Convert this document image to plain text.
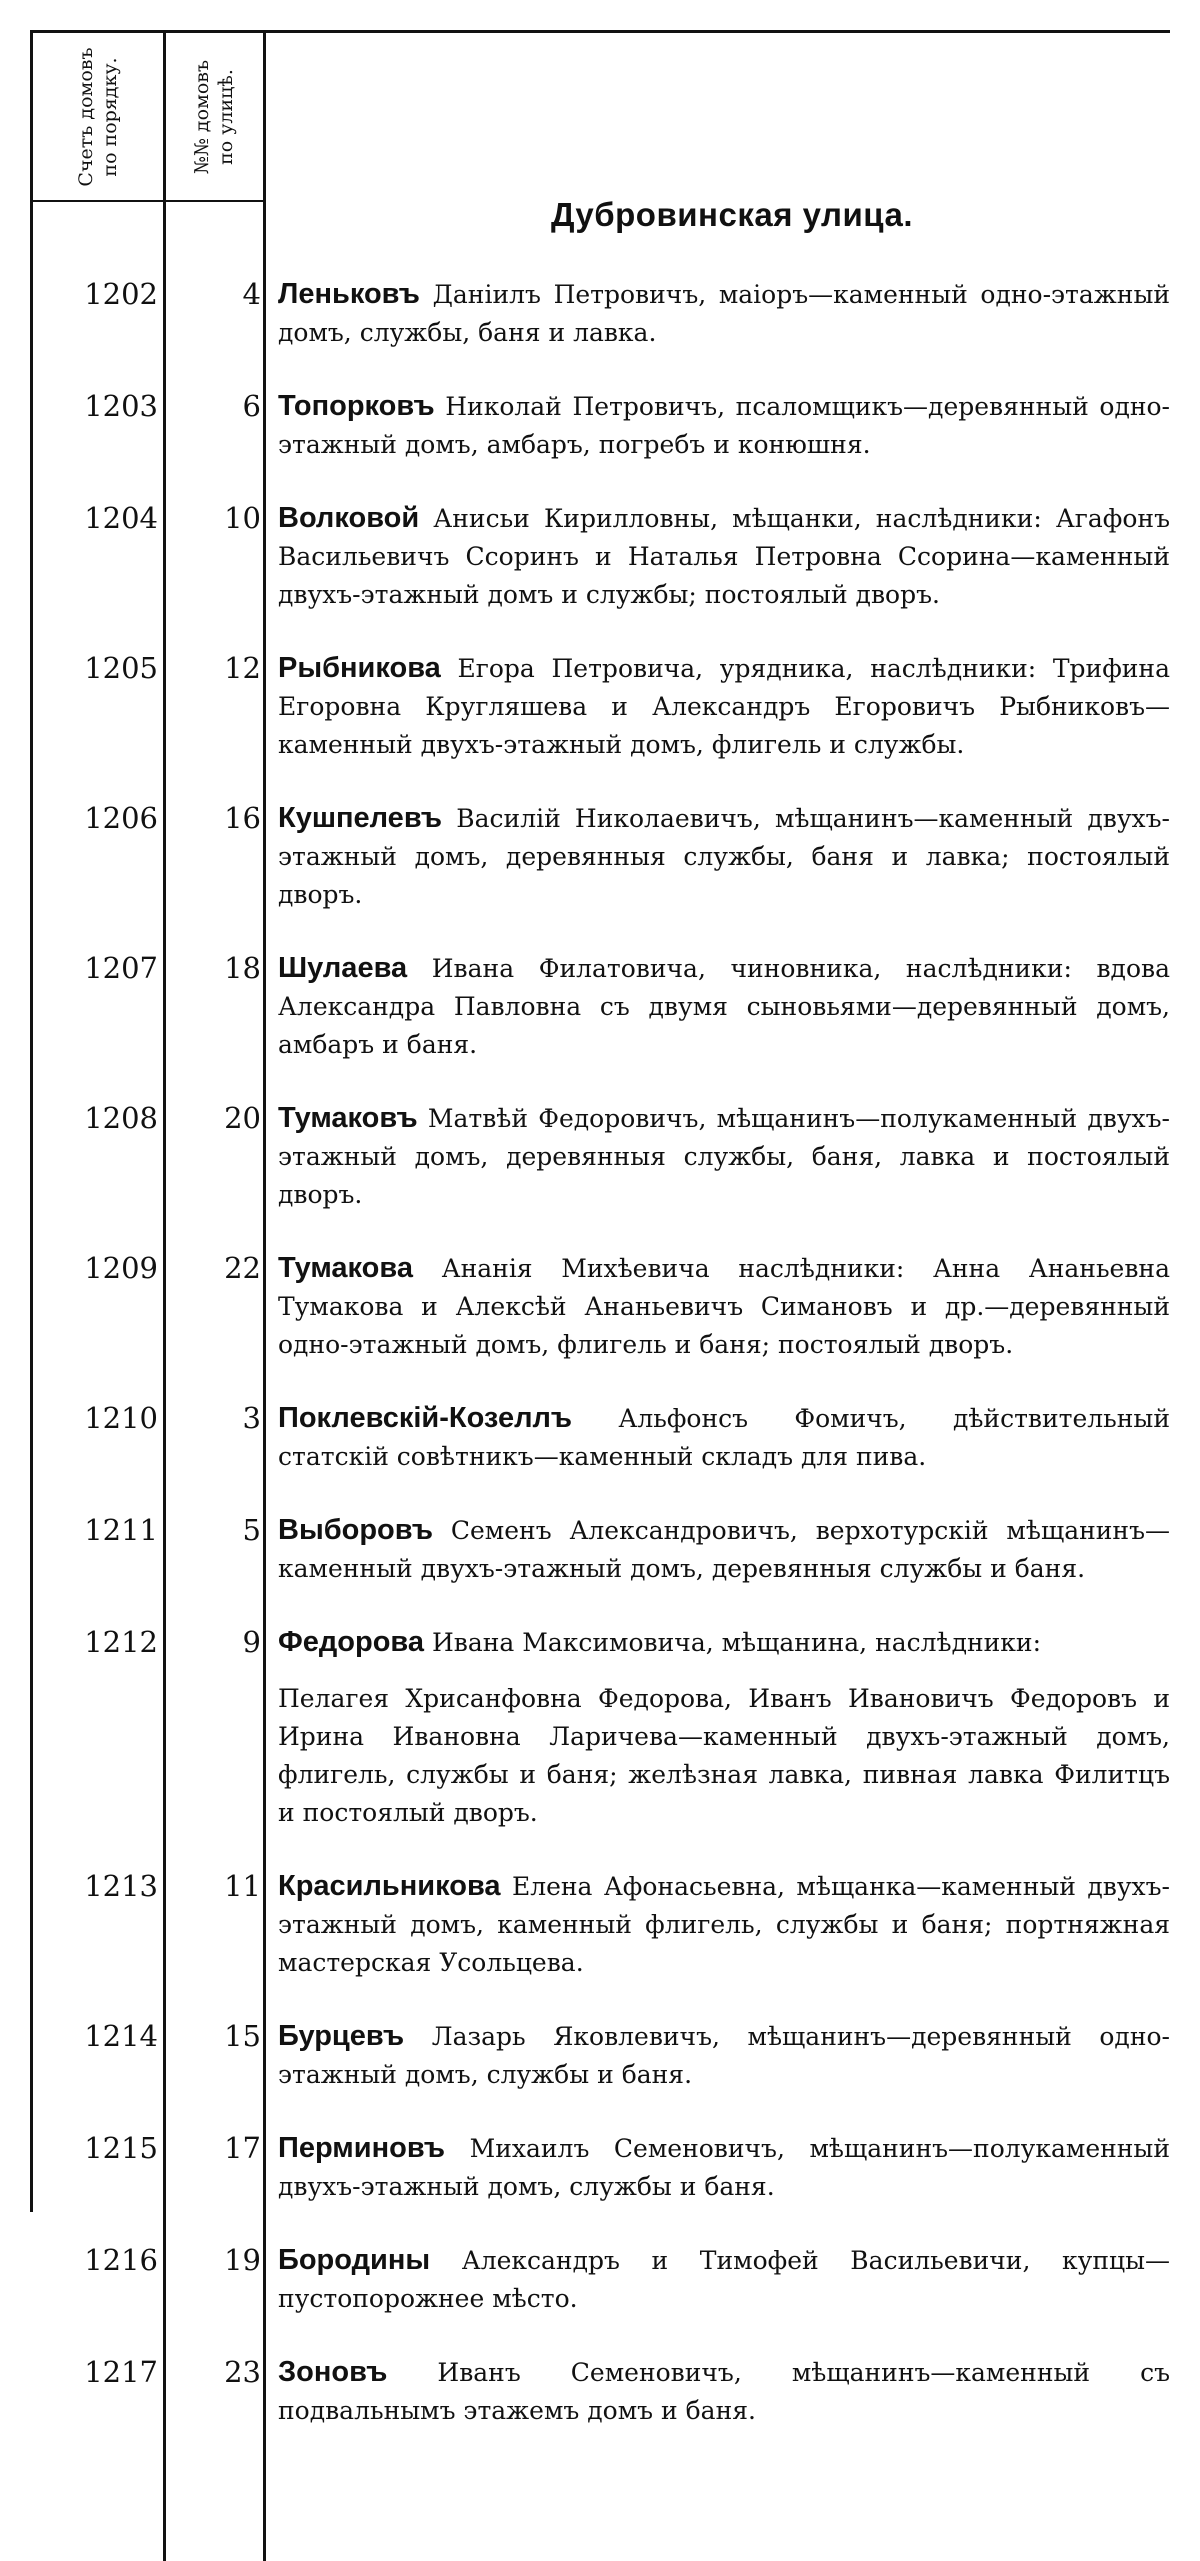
Счетъ домовъ по порядку.	№№ домовъ по улицѣ.
Дубровинская улица.
1202	4 Леньковъ Даніилъ Петровичъ, маіоръ—каменный одно-этажный домъ, службы, баня и лавка.
1203	6 Топорковъ Николай Петровичъ, псаломщикъ—деревянный одно-этажный домъ, амбаръ, погребъ и конюшня.
1204	10 Волковой Анисьи Кирилловны, мѣщанки, наслѣдники: Агафонъ Васильевичъ Ссоринъ и Наталья Петровна Ссорина—каменный двухъ-этажный домъ и службы; постоялый дворъ.
1205	12 Рыбникова Егора Петровича, урядника, наслѣдники: Трифина Егоровна Кругляшева и Александръ Егоровичъ Рыбниковъ—каменный двухъ-этажный домъ, флигель и службы.
1206	16 Кушпелевъ Василій Николаевичъ, мѣщанинъ—каменный двухъ-этажный домъ, деревянныя службы, баня и лавка; постоялый дворъ.
1207	18 Шулаева Ивана Филатовича, чиновника, наслѣдники: вдова Александра Павловна съ двумя сыновьями—деревянный домъ, амбаръ и баня.
1208	20 Тумаковъ Матвѣй Федоровичъ, мѣщанинъ—полукаменный двухъ-этажный домъ, деревянныя службы, баня, лавка и постоялый дворъ.
1209	22 Тумакова Ананія Михѣевича наслѣдники: Анна Ананьевна Тумакова и Алексѣй Ананьевичъ Симановъ и др.—деревянный одно-этажный домъ, флигель и баня; постоялый дворъ.
1210	3 Поклевскій-Козеллъ Альфонсъ Фомичъ, дѣйствительный статскій совѣтникъ—каменный складъ для пива.
1211	5 Выборовъ Семенъ Александровичъ, верхотурскій мѣщанинъ—каменный двухъ-этажный домъ, деревянныя службы и баня.
1212	9 Федорова Ивана Максимовича, мѣщанина, наслѣдники:
Пелагея Хрисанфовна Федорова, Иванъ Ивановичъ Федоровъ и Ирина Ивановна Ларичева—каменный двухъ-этажный домъ, флигель, службы и баня; желѣзная лавка, пивная лавка Филитцъ и постоялый дворъ.
1213	11 Красильникова Елена Афонасьевна, мѣщанка—каменный двухъ-этажный домъ, каменный флигель, службы и баня; портняжная мастерская Усольцева.
1214	15 Бурцевъ Лазарь Яковлевичъ, мѣщанинъ—деревянный одно-этажный домъ, службы и баня.
1215	17 Перминовъ Михаилъ Семеновичъ, мѣщанинъ—полукаменный двухъ-этажный домъ, службы и баня.
1216	19 Бородины Александръ и Тимофей Васильевичи, купцы—пустопорожнее мѣсто.
1217	23 Зоновъ Иванъ Семеновичъ, мѣщанинъ—каменный съ подвальнымъ этажемъ домъ и баня.
